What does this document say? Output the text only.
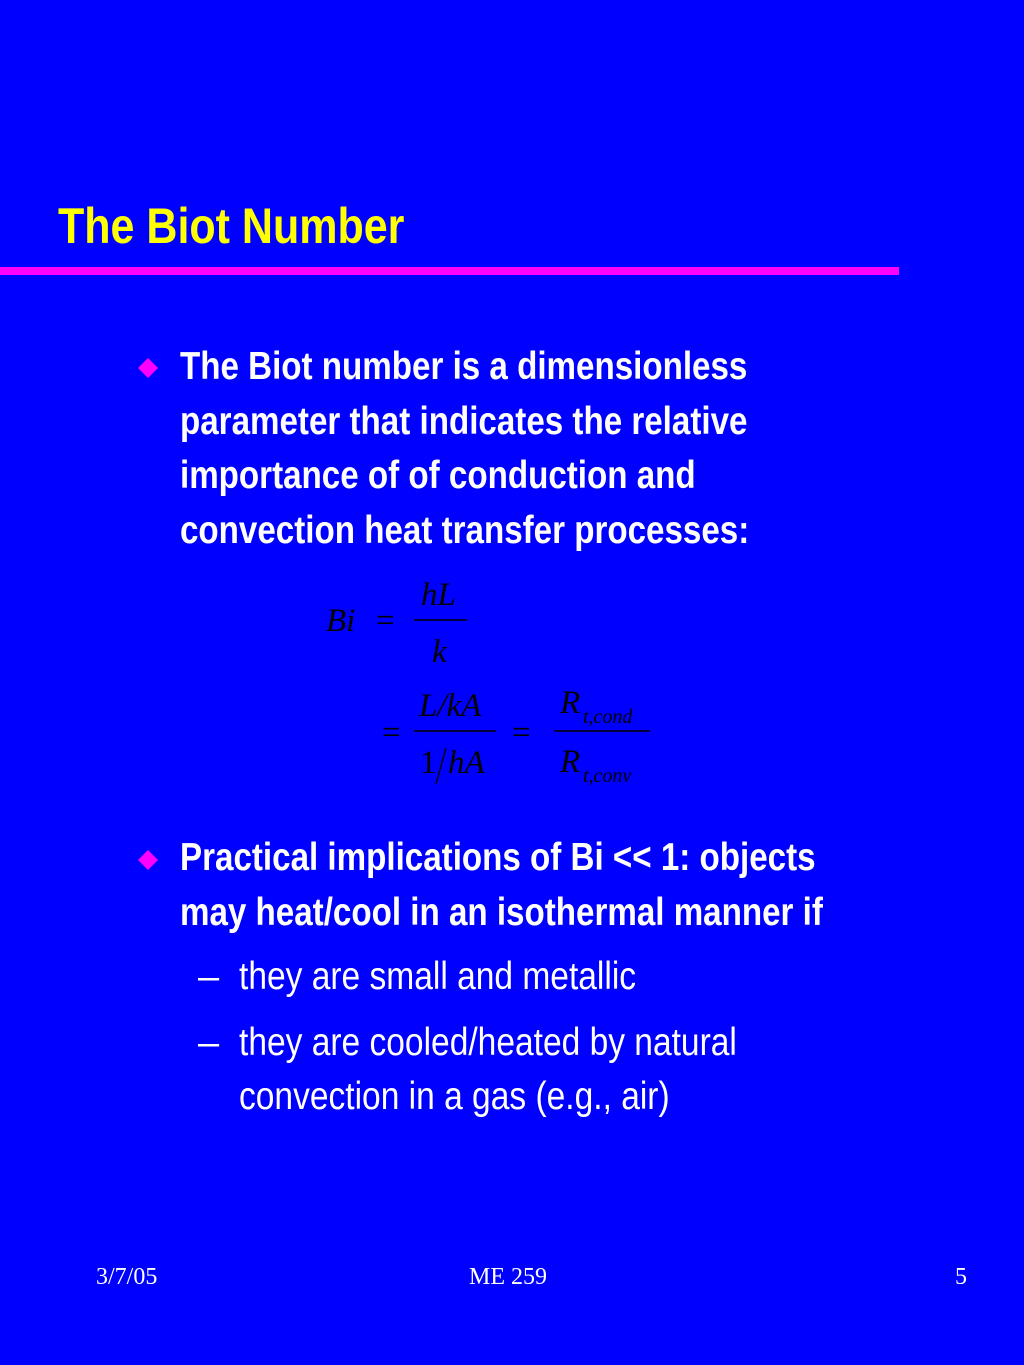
The Biot Number

The Biot number is a dimensionless
parameter that indicates the relative
importance of of conduction and
convection heat transfer processes:

Bi =
hL
k
=
L/kA
1 hA
=
R t,cond
R t,conv

Practical implications of Bi << 1: objects
may heat/cool in an isothermal manner if

– they are small and metallic

– they are cooled/heated by natural
convection in a gas (e.g., air)

3/7/05	ME 259	5
